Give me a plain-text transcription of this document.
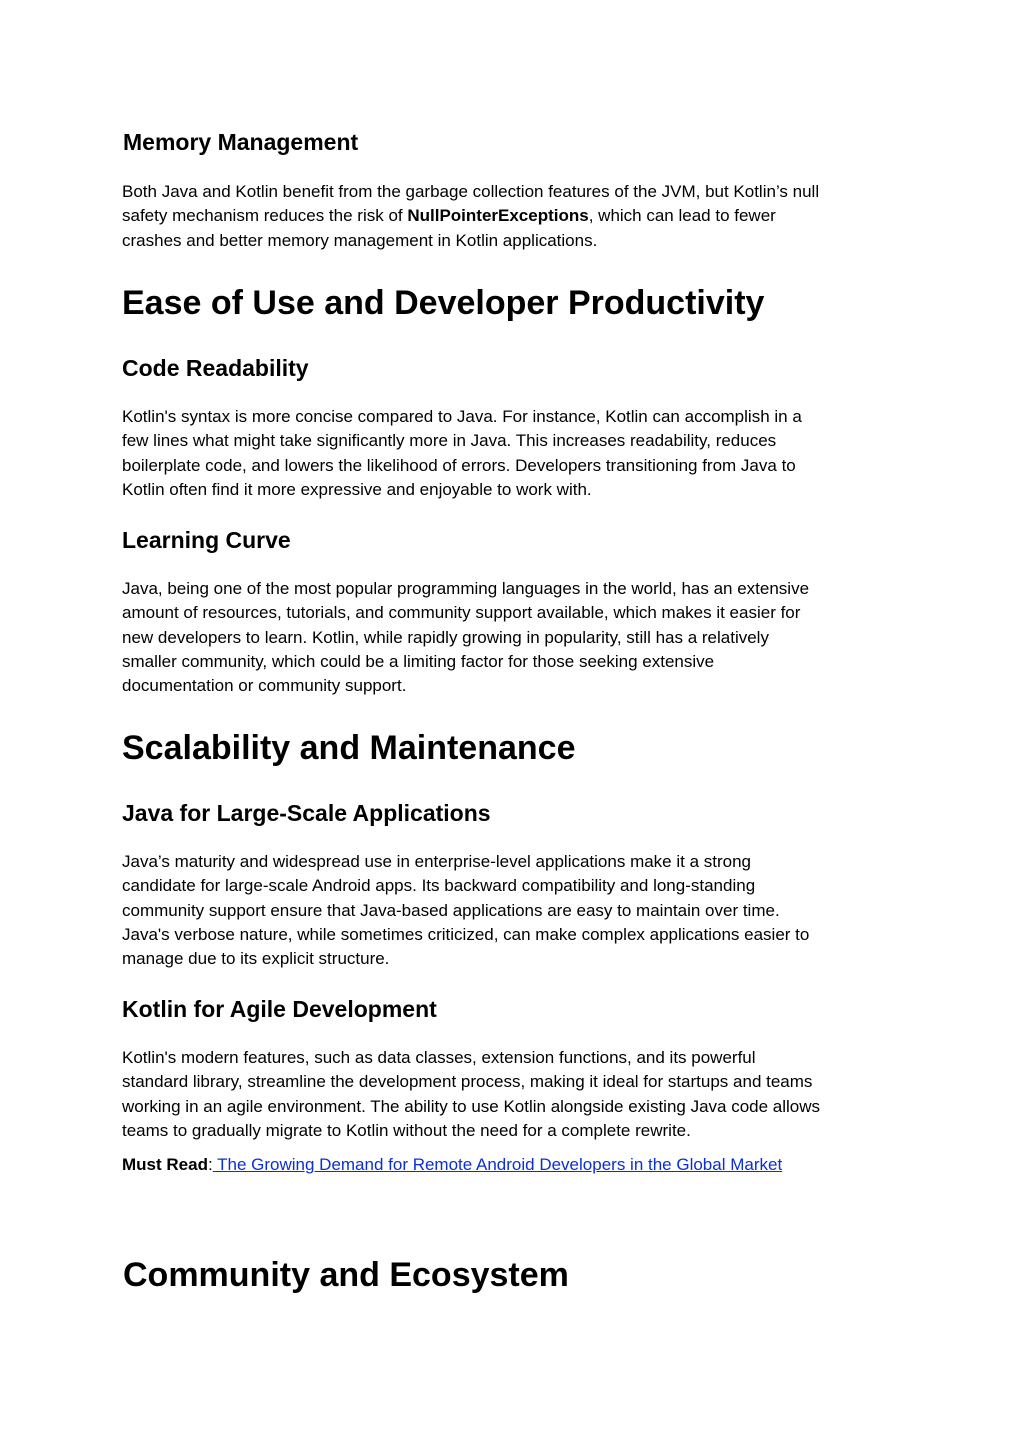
Memory Management
Both Java and Kotlin benefit from the garbage collection features of the JVM, but Kotlin’s null
safety mechanism reduces the risk of NullPointerExceptions, which can lead to fewer
crashes and better memory management in Kotlin applications.
Ease of Use and Developer Productivity
Code Readability
Kotlin's syntax is more concise compared to Java. For instance, Kotlin can accomplish in a
few lines what might take significantly more in Java. This increases readability, reduces
boilerplate code, and lowers the likelihood of errors. Developers transitioning from Java to
Kotlin often find it more expressive and enjoyable to work with.
Learning Curve
Java, being one of the most popular programming languages in the world, has an extensive
amount of resources, tutorials, and community support available, which makes it easier for
new developers to learn. Kotlin, while rapidly growing in popularity, still has a relatively
smaller community, which could be a limiting factor for those seeking extensive
documentation or community support.
Scalability and Maintenance
Java for Large-Scale Applications
Java’s maturity and widespread use in enterprise-level applications make it a strong
candidate for large-scale Android apps. Its backward compatibility and long-standing
community support ensure that Java-based applications are easy to maintain over time.
Java's verbose nature, while sometimes criticized, can make complex applications easier to
manage due to its explicit structure.
Kotlin for Agile Development
Kotlin's modern features, such as data classes, extension functions, and its powerful
standard library, streamline the development process, making it ideal for startups and teams
working in an agile environment. The ability to use Kotlin alongside existing Java code allows
teams to gradually migrate to Kotlin without the need for a complete rewrite.
Must Read: The Growing Demand for Remote Android Developers in the Global Market
Community and Ecosystem
